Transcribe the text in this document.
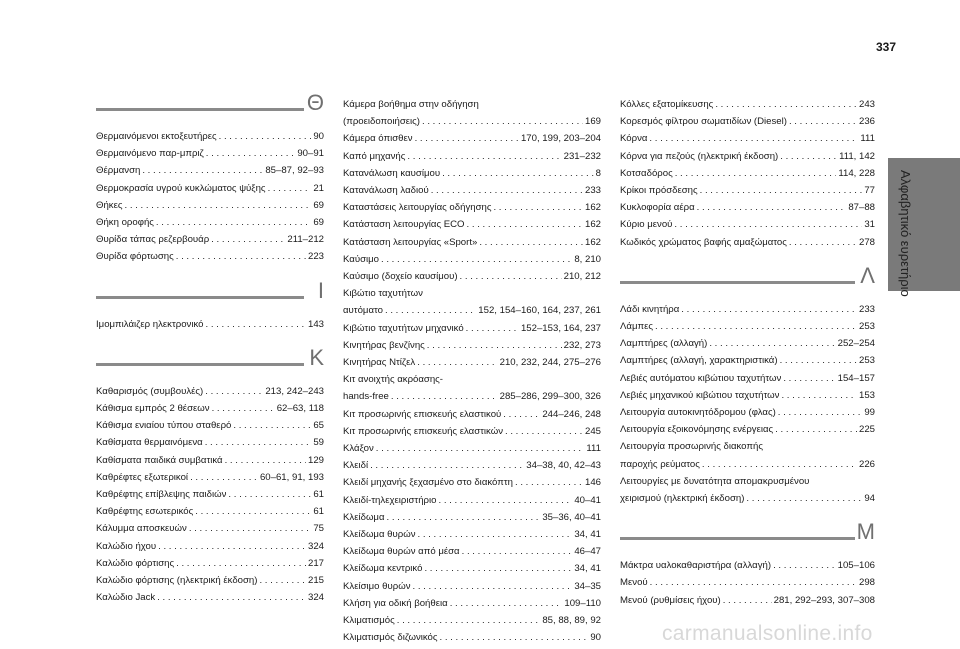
337
Αλφαβητικό ευρετήριο
Θ
Θερμαινόμενοι εκτοξευτήρες . . .	90
Θερμαινόμενο παρ-μπριζ . . .	90–91
Θέρμανση . . .	85–87, 92–93
Θερμοκρασία υγρού κυκλώματος ψύξης . . .	21
Θήκες . . .	69
Θήκη οροφής . . .	69
Θυρίδα τάπας ρεζερβουάρ . . .	211–212
Θυρίδα φόρτωσης . . .	223
Ι
Ιμομπιλάιζερ ηλεκτρονικό . . .	143
Κ
Καθαρισμός (συμβουλές) . . .	213, 242–243
Κάθισμα εμπρός 2 θέσεων . . .	62–63, 118
Κάθισμα ενιαίου τύπου σταθερό . . .	65
Καθίσματα θερμαινόμενα . . .	59
Καθίσματα παιδικά συμβατικά . . .	129
Καθρέφτες εξωτερικοί . . .	60–61, 91, 193
Καθρέφτης επίβλεψης παιδιών . . .	61
Καθρέφτης εσωτερικός . . .	61
Κάλυμμα αποσκευών . . .	75
Καλώδιο ήχου . . .	324
Καλώδιο φόρτισης . . .	217
Καλώδιο φόρτισης (ηλεκτρική έκδοση) . . .	215
Καλώδιο Jack . . .	324
Κάμερα βοήθημα στην οδήγηση
(προειδοποιήσεις) . . .	169
Κάμερα όπισθεν . . .	170, 199, 203–204
Καπό μηχανής . . .	231–232
Κατανάλωση καυσίμου . . .	8
Κατανάλωση λαδιού . . .	233
Καταστάσεις λειτουργίας οδήγησης . . .	162
Κατάσταση λειτουργίας ECO . . .	162
Κατάσταση λειτουργίας «Sport» . . .	162
Καύσιμο . . .	8, 210
Καύσιμο (δοχείο καυσίμου) . . .	210, 212
Κιβώτιο ταχυτήτων
αυτόματο . . .	152, 154–160, 164, 237, 261
Κιβώτιο ταχυτήτων μηχανικό . . .	152–153, 164, 237
Κινητήρας βενζίνης . . .	232, 273
Κινητήρας Ντίζελ . . .	210, 232, 244, 275–276
Κιτ ανοιχτής ακρόασης-
hands-free . . .	285–286, 299–300, 326
Κιτ προσωρινής επισκευής ελαστικού . . .	244–246, 248
Κιτ προσωρινής επισκευής ελαστικών . . .	245
Κλάξον . . .	111
Κλειδί . . .	34–38, 40, 42–43
Κλειδί μηχανής ξεχασμένο στο διακόπτη . . .	146
Κλειδί-τηλεχειριστήριο . . .	40–41
Κλείδωμα . . .	35–36, 40–41
Κλείδωμα θυρών . . .	34, 41
Κλείδωμα θυρών από μέσα . . .	46–47
Κλείδωμα κεντρικό . . .	34, 41
Κλείσιμο θυρών . . .	34–35
Κλήση για οδική βοήθεια . . .	109–110
Κλιματισμός . . .	85, 88, 89, 92
Κλιματισμός διζωνικός . . .	90
Κόλλες εξατομίκευσης . . .	243
Κορεσμός φίλτρου σωματιδίων (Diesel) . . .	236
Κόρνα . . .	111
Κόρνα για πεζούς (ηλεκτρική έκδοση) . . .	111, 142
Κοτσαδόρος . . .	114, 228
Κρίκοι πρόσδεσης . . .	77
Κυκλοφορία αέρα . . .	87–88
Κύριο μενού . . .	31
Κωδικός χρώματος βαφής αμαξώματος . . .	278
Λ
Λάδι κινητήρα . . .	233
Λάμπες . . .	253
Λαμπτήρες (αλλαγή) . . .	252–254
Λαμπτήρες (αλλαγή, χαρακτηριστικά) . . .	253
Λεβιές αυτόματου κιβώτιου ταχυτήτων . . .	154–157
Λεβιές μηχανικού κιβώτιου ταχυτήτων . . .	153
Λειτουργία αυτοκινητόδρομου (φλας) . . .	99
Λειτουργία εξοικονόμησης ενέργειας . . .	225
Λειτουργία προσωρινής διακοπής
παροχής ρεύματος . . .	226
Λειτουργίες με δυνατότητα απομακρυσμένου
χειρισμού (ηλεκτρική έκδοση) . . .	94
Μ
Μάκτρα υαλοκαθαριστήρα (αλλαγή) . . .	105–106
Μενού . . .	298
Μενού (ρυθμίσεις ήχου) . . .	281, 292–293, 307–308
carmanualsonline.info
